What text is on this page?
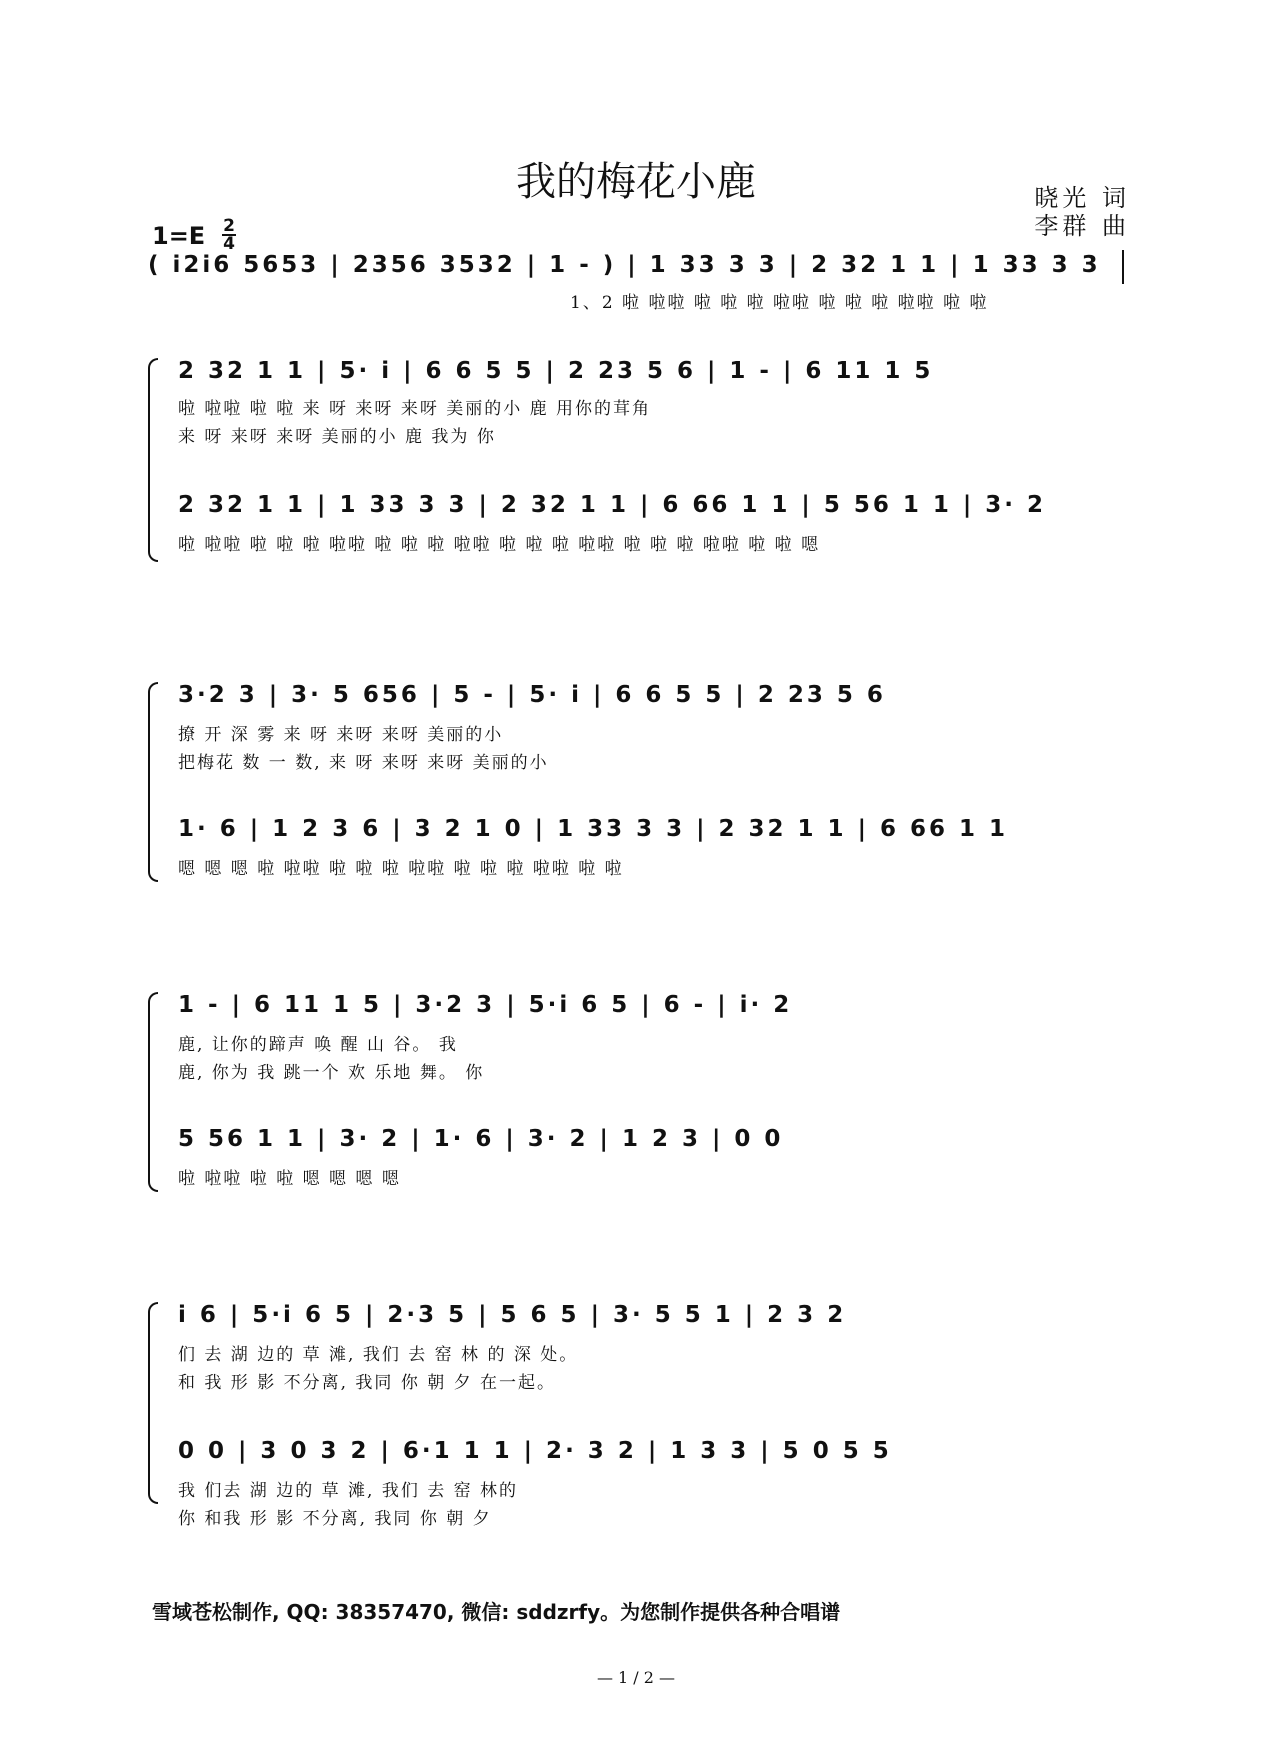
我的梅花小鹿	晓光 词
李群 曲
1=E 2
4
( i2i6 5653 | 2356 3532 | 1 - ) | 1 33 3 3 | 2 32 1 1 | 1 33 3 3
1、2 啦 啦啦 啦 啦 啦 啦啦 啦 啦 啦 啦啦 啦 啦
2 32 1 1 | 5· i | 6 6 5 5 | 2 23 5 6 | 1 - | 6 11 1 5
啦 啦啦 啦 啦 来 呀 来呀 来呀 美丽的小 鹿 用你的茸角
来 呀 来呀 来呀 美丽的小 鹿 我为 你
2 32 1 1 | 1 33 3 3 | 2 32 1 1 | 6 66 1 1 | 5 56 1 1 | 3· 2
啦 啦啦 啦 啦 啦 啦啦 啦 啦 啦 啦啦 啦 啦 啦 啦啦 啦 啦 啦 啦啦 啦 啦 嗯
3·2 3 | 3· 5 656 | 5 - | 5· i | 6 6 5 5 | 2 23 5 6
撩 开 深 雾 来 呀 来呀 来呀 美丽的小
把梅花 数 一 数, 来 呀 来呀 来呀 美丽的小
1· 6 | 1 2 3 6 | 3 2 1 0 | 1 33 3 3 | 2 32 1 1 | 6 66 1 1
嗯 嗯 嗯 啦 啦啦 啦 啦 啦 啦啦 啦 啦 啦 啦啦 啦 啦
1 - | 6 11 1 5 | 3·2 3 | 5·i 6 5 | 6 - | i· 2
鹿, 让你的蹄声 唤 醒 山 谷。 我
鹿, 你为 我 跳一个 欢 乐地 舞。 你
5 56 1 1 | 3· 2 | 1· 6 | 3· 2 | 1 2 3 | 0 0
啦 啦啦 啦 啦 嗯 嗯 嗯 嗯
i 6 | 5·i 6 5 | 2·3 5 | 5 6 5 | 3· 5 5 1 | 2 3 2
们 去 湖 边的 草 滩, 我们 去 窑 林 的 深 处。
和 我 形 影 不分离, 我同 你 朝 夕 在一起。
0 0 | 3 0 3 2 | 6·1 1 1 | 2· 3 2 | 1 3 3 | 5 0 5 5
我 们去 湖 边的 草 滩, 我们 去 窑 林的
你 和我 形 影 不分离, 我同 你 朝 夕
雪域苍松制作, QQ: 38357470, 微信: sddzrfy。为您制作提供各种合唱谱
— 1 / 2 —
